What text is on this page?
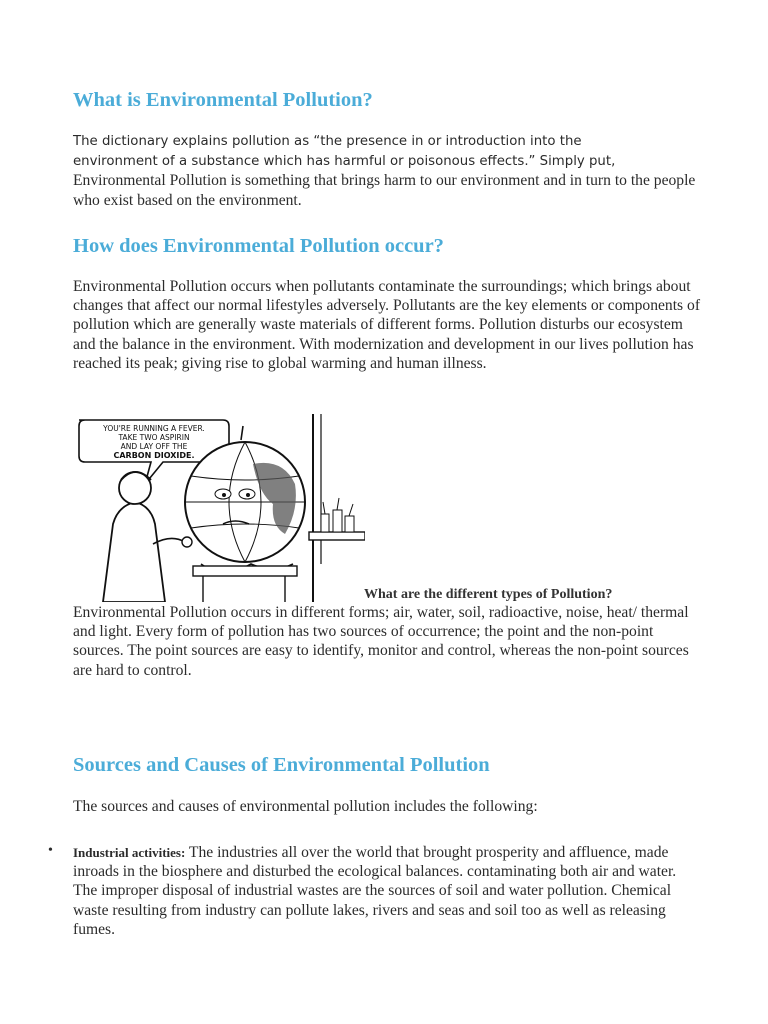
What is Environmental Pollution?

The dictionary explains pollution as “the presence in or introduction into the
environment of a substance which has harmful or poisonous effects.” Simply put,
Environmental Pollution is something that brings harm to our environment and in turn to the people who exist based on the environment.

How does Environmental Pollution occur?

Environmental Pollution occurs when pollutants contaminate the surroundings; which brings about changes that affect our normal lifestyles adversely. Pollutants are the key elements or components of pollution which are generally waste materials of different forms. Pollution disturbs our ecosystem and the balance in the environment. With modernization and development in our lives pollution has reached its peak; giving rise to global warming and human illness.

YOU'RE RUNNING A FEVER.
TAKE TWO ASPIRIN
AND LAY OFF THE
CARBON DIOXIDE.

What are the different types of Pollution?

Environmental Pollution occurs in different forms; air, water, soil, radioactive, noise, heat/ thermal and light. Every form of pollution has two sources of occurrence; the point and the non-point sources. The point sources are easy to identify, monitor and control, whereas the non-point sources are hard to control.

Sources and Causes of Environmental Pollution

The sources and causes of environmental pollution includes the following:

• Industrial activities: The industries all over the world that brought prosperity and affluence, made inroads in the biosphere and disturbed the ecological balances. contaminating both air and water. The improper disposal of industrial wastes are the sources of soil and water pollution. Chemical waste resulting from industry can pollute lakes, rivers and seas and soil too as well as releasing fumes.
